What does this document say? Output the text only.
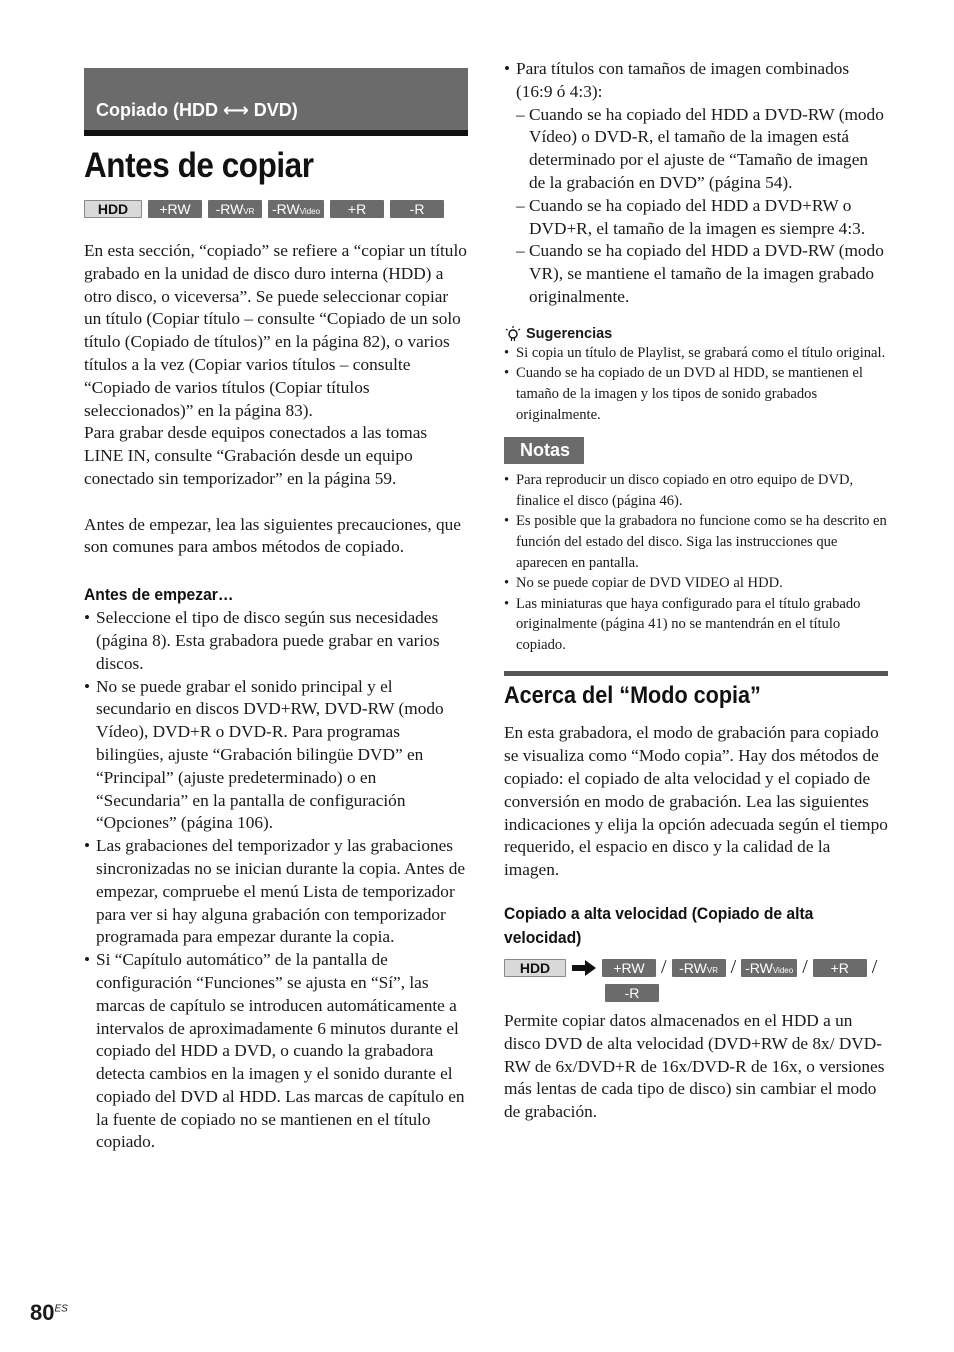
Copiado (HDD ⟷ DVD)
Antes de copiar
HDD	+RW	-RWVR	-RWVideo	+R	-R

En esta sección, “copiado” se refiere a “copiar un título grabado en la unidad de disco duro interna (HDD) a otro disco, o viceversa”. Se puede seleccionar copiar un título (Copiar título – consulte “Copiado de un solo título (Copiado de títulos)” en la página 82), o varios títulos a la vez (Copiar varios títulos – consulte “Copiado de varios títulos (Copiar títulos seleccionados)” en la página 83).

Para grabar desde equipos conectados a las tomas LINE IN, consulte “Grabación desde un equipo conectado sin temporizador” en la página 59.

Antes de empezar, lea las siguientes precauciones, que son comunes para ambos métodos de copiado.

Antes de empezar…
• Seleccione el tipo de disco según sus necesidades (página 8). Esta grabadora puede grabar en varios discos.
• No se puede grabar el sonido principal y el secundario en discos DVD+RW, DVD-RW (modo Vídeo), DVD+R o DVD-R. Para programas bilingües, ajuste “Grabación bilingüe DVD” en “Principal” (ajuste predeterminado) o en “Secundaria” en la pantalla de configuración “Opciones” (página 106).
• Las grabaciones del temporizador y las grabaciones sincronizadas no se inician durante la copia. Antes de empezar, compruebe el menú Lista de temporizador para ver si hay alguna grabación con temporizador programada para empezar durante la copia.
• Si “Capítulo automático” de la pantalla de configuración “Funciones” se ajusta en “Sí”, las marcas de capítulo se introducen automáticamente a intervalos de aproximadamente 6 minutos durante el copiado del HDD a DVD, o cuando la grabadora detecta cambios en la imagen y el sonido durante el copiado del DVD al HDD. Las marcas de capítulo en la fuente de copiado no se mantienen en el título copiado.
• Para títulos con tamaños de imagen combinados (16:9 ó 4:3):
– Cuando se ha copiado del HDD a DVD-RW (modo Vídeo) o DVD-R, el tamaño de la imagen está determinado por el ajuste de “Tamaño de imagen de la grabación en DVD” (página 54).
– Cuando se ha copiado del HDD a DVD+RW o DVD+R, el tamaño de la imagen es siempre 4:3.
– Cuando se ha copiado del HDD a DVD-RW (modo VR), se mantiene el tamaño de la imagen grabado originalmente.
Sugerencias
• Si copia un título de Playlist, se grabará como el título original.
• Cuando se ha copiado de un DVD al HDD, se mantienen el tamaño de la imagen y los tipos de sonido grabados originalmente.
Notas
• Para reproducir un disco copiado en otro equipo de DVD, finalice el disco (página 46).
• Es posible que la grabadora no funcione como se ha descrito en función del estado del disco. Siga las instrucciones que aparecen en pantalla.
• No se puede copiar de DVD VIDEO al HDD.
• Las miniaturas que haya configurado para el título grabado originalmente (página 41) no se mantendrán en el título copiado.
Acerca del “Modo copia”

En esta grabadora, el modo de grabación para copiado se visualiza como “Modo copia”. Hay dos métodos de copiado: el copiado de alta velocidad y el copiado de conversión en modo de grabación. Lea las siguientes indicaciones y elija la opción adecuada según el tiempo requerido, el espacio en disco y la calidad de la imagen.

Copiado a alta velocidad (Copiado de alta velocidad)
HDD	+RW / -RWVR / -RWVideo /	+R	/
-R

Permite copiar datos almacenados en el HDD a un disco DVD de alta velocidad (DVD+RW de 8x/ DVD-RW de 6x/DVD+R de 16x/DVD-R de 16x, o versiones más lentas de cada tipo de disco) sin cambiar el modo de grabación.

$80^{ES}$
